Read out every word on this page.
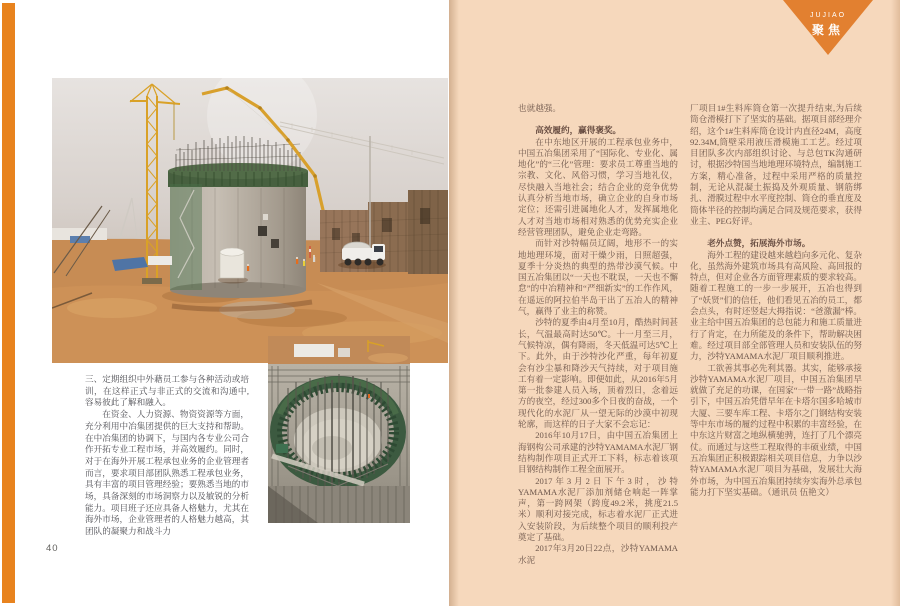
三、定期组织中外藉员工参与各种活动或培训，在这样正式与非正式的交流和沟通中,容易彼此了解和融入。

在资金、人力资源、物资资源等方面，充分利用中冶集团提供的巨大支持和帮助。在中冶集团的协调下，与国内各专业公司合作开拓专业工程市场，并高效履约。同时，对于在海外开展工程承包业务的企业管理者而言，要求项目部团队熟悉工程承包业务，具有丰富的项目管理经验；要熟悉当地的市场，具备深刻的市场洞察力以及敏锐的分析能力。项目班子还应具备人格魅力，尤其在海外市场，企业管理者的人格魅力越高，其团队的凝聚力和战斗力

40
JUJIAO
聚焦

也就越强。

高效履约，赢得褒奖。

在中东地区开展的工程承包业务中，中国五冶集团采用了“国际化、专业化、属地化”的“三化”管理：要求员工尊重当地的宗教、文化、风俗习惯，学习当地礼仪，尽快融入当地社会；结合企业的竞争优势认真分析当地市场，确立企业的自身市场定位；还需引进属地化人才，发挥属地化人才对当地市场相对熟悉的优势充实企业经营管理团队，避免企业走弯路。

而针对沙特幅员辽阔，地形不一的实地地理环境，面对干燥少雨，日照超强，夏季十分炎热的典型的热带沙漠气候。中国五冶集团以“一天也不耽误，一天也不懈怠”的中冶精神和“严细新实”的工作作风，在遥远的阿拉伯半岛干出了五冶人的精神气，赢得了业主的称赞。

沙特的夏季由4月至10月，酷热时间甚长，气温最高时达50℃。十一月至三月，气候特凉，偶有降雨，冬天低温可达5℃上下。此外，由于沙特沙化严重，每年初夏会有沙尘暴和降沙天气持续，对于项目施工有着一定影响。即便如此，从2016年5月第一批参建人员入场，顶着烈日，念着远方的夜空，经过300多个日夜的奋战，一个现代化的水泥厂从一望无际的沙漠中初现轮廓，而这样的日子大家不会忘记：

2016年10月17日，由中国五冶集团上海钢构公司承建的沙特YAMAMA水泥厂钢结构制作项目正式开工下料，标志着该项目钢结构制作工程全面展开。

2017年3月2日下午3时，沙特YAMAMA水泥厂添加剂储仓响起一阵掌声，第一跨网架（跨度49.2米，挑度21.5米）顺利对接完成，标志着水泥厂正式进入安装阶段，为后续整个项目的顺利投产奠定了基础。

2017年3月20日22点，沙特YAMAMA水泥

厂项目1#生料库筒仓第一次提升结束,为后续筒仓滑模打下了坚实的基础。据项目部经理介绍，这个1#生料库筒仓设计内直径24M，高度92.34M,筒壁采用液压滑模施工工艺。经过项目团队多次内部组织讨论、与总包TK沟通研讨，根据沙特国当地地理环境特点，编制施工方案，精心准备，过程中采用严格的质量控制，无论从混凝土振捣及外观质量、钢筋绑扎、滑膜过程中水平度控制、筒仓的垂直度及筒体半径的控制均满足合同及规范要求，获得业主、PEG好评。

老外点赞，拓展海外市场。

海外工程的建设越来越趋向多元化、复杂化，虽然海外建筑市场具有高风险、高回报的特点，但对企业各方面管理素质的要求较高。随着工程施工的一步一步展开，五冶也得到了“妖贤”们的信任，他们看见五冶的员工，都会点头，有时还竖起大拇指说：“爸激漏”棒。业主给中国五冶集团的总包能力和施工质量进行了肯定，在力所能及的条件下，帮助解决困难。经过项目部全部管理人员和安装队伍的努力，沙特YAMAMA水泥厂项目顺利推进。

工欲善其事必先利其器。其实，能够承接沙特YAMAMA水泥厂项目，中国五冶集团早就做了充足的功课，在国家“一带一路”战略指引下，中国五冶凭借早年在卡塔尔国多哈城市大厦、三要车库工程、卡塔尔之门钢结构安装等中东市场的履约过程中积累的丰富经验，在中东这片财富之地纵横驰骋，连打了几个漂亮仗。而通过与这些工程取得的丰硕业绩，中国五冶集团正积极跟踪相关项目信息，力争以沙特YAMAMA水泥厂项目为基础，发展壮大海外市场，为中国五冶集团持续夯实海外总承包能力打下坚实基础。（通讯员 伍艳文）
